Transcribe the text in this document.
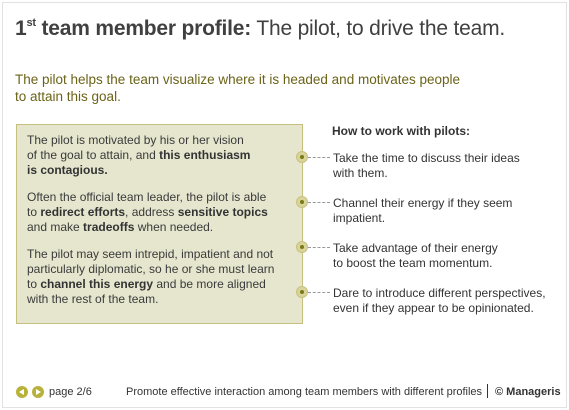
1st team member profile: The pilot, to drive the team.
The pilot helps the team visualize where it is headed and motivates people
to attain this goal.

The pilot is motivated by his or her vision
of the goal to attain, and this enthusiasm
is contagious.

Often the official team leader, the pilot is able
to redirect efforts, address sensitive topics
and make tradeoffs when needed.

The pilot may seem intrepid, impatient and not
particularly diplomatic, so he or she must learn
to channel this energy and be more aligned
with the rest of the team.

How to work with pilots:
Take the time to discuss their ideas
with them.
Channel their energy if they seem
impatient.
Take advantage of their energy
to boost the team momentum.
Dare to introduce different perspectives,
even if they appear to be opinionated.
page 2/6	Promote effective interaction among team members with different profiles © Manageris
